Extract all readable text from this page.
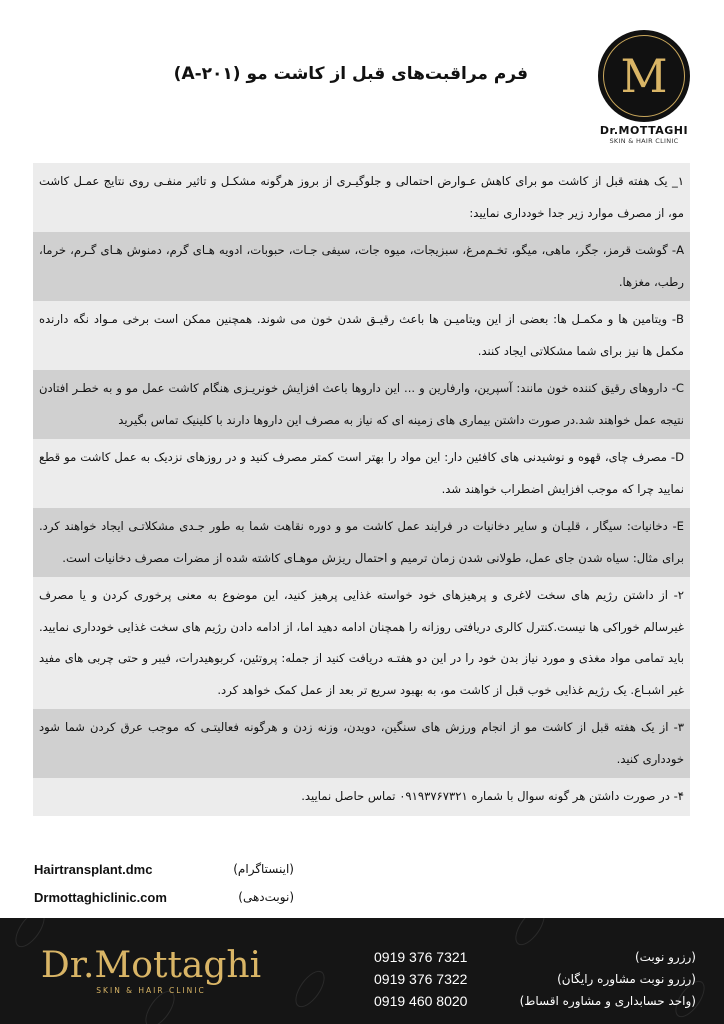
فرم مراقبت‌های قبل از کاشت مو (A-۲۰۱) M
Dr.MOTTAGHI
SKIN & HAIR CLINIC
۱_ یک هفته قبل از کاشت مو برای کاهش عـوارض احتمالی و جلوگیـری از بروز هرگونه مشکـل و تاثیر منفـی روی نتایج عمـل کاشت مو، از مصرف موارد زیر جدا خودداری نمایید:
A- گوشت قرمز، جگر، ماهی، میگو، تخـم‌مرغ، سبزیجات، میوه جات، سیفی جـات، حبوبات، ادویه هـای گرم، دمنوش هـای گـرم، خرما، رطب، مغزها.
B- ویتامین ها و مکمـل ها: بعضی از این ویتامیـن ها باعث رقیـق شدن خون می شوند. همچنین ممکن است برخی مـواد نگه دارنده مکمل ها نیز برای شما مشکلاتی ایجاد کنند.
C- داروهای رقیق کننده خون مانند: آسپرین، وارفارین و ... این داروها باعث افزایش خونریـزی هنگام کاشت عمل مو و به خطـر افتادن نتیجه عمل خواهند شد.در صورت داشتن بیماری های زمینه ای که نیاز به مصرف این داروها دارند با کلینیک تماس بگیرید
D- مصرف چای، قهوه و نوشیدنی های کافئین دار: این مواد را بهتر است کمتر مصرف کنید و در روزهای نزدیک به عمل کاشت مو قطع نمایید چرا که موجب افزایش اضطراب خواهند شد.
E- دخانیات: سیگار ، قلیـان و سایر دخانیات در فرایند عمل کاشت مو و دوره نقاهت شما به طور جـدی مشکلاتـی ایجاد خواهند کرد. برای مثال: سیاه شدن جای عمل، طولانی شدن زمان ترمیم و احتمال ریزش موهـای کاشته شده از مضرات مصرف دخانیات است.
۲- از داشتن رژیم های سخت لاغری و پرهیزهای خود خواسته غذایی پرهیز کنید، این موضوع به معنی پرخوری کردن و یا مصرف غیرسالم خوراکی ها نیست.کنترل کالری دریافتی روزانه را همچنان ادامه دهید اما، از ادامه دادن رژیم های سخت غذایی خودداری نمایید. باید تمامی مواد مغذی و مورد نیاز بدن خود را در این دو هفتـه دریافت کنید از جمله: پروتئین، کربوهیدرات، فیبر و حتی چربی های مفید غیر اشبـاع. یک رژیم غذایی خوب قبل از کاشت مو، به بهبود سریع تر بعد از عمل کمک خواهد کرد.
۳- از یک هفته قبل از کاشت مو از انجام ورزش های سنگین، دویدن، وزنه زدن و هرگونه فعالیتـی که موجب عرق کردن شما شود خودداری کنید.
۴- در صورت داشتن هر گونه سوال با شماره ۰۹۱۹۳۷۶۷۳۲۱ تماس حاصل نمایید.
Hairtransplant.dmc	(اینستاگرام)
Drmottaghiclinic.com	(نوبت‌دهی)
Dr.Mottaghi
SKIN & HAIR CLINIC
0919 376 7321
0919 376 7322
0919 460 8020
(رزرو نوبت)
(رزرو نوبت مشاوره رایگان)
(واحد حسابداری و مشاوره اقساط)
